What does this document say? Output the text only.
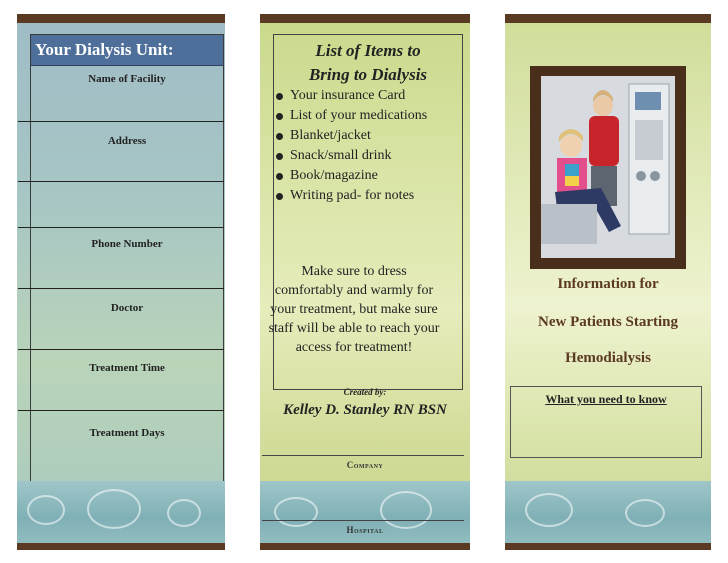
Your Dialysis Unit:
Name of Facility
Address
Phone Number
Doctor
Treatment Time
Treatment Days
List of Items to
Bring to Dialysis
Your insurance Card
List of your medications
Blanket/jacket
Snack/small drink
Book/magazine
Writing pad- for notes
Make sure to dress comfortably and warmly for your treatment, but make sure staff will be able to reach your access for treatment!
Created by:
Kelley D. Stanley RN BSN
Company
Hospital
Information for
New Patients Starting
Hemodialysis
What you need to know
